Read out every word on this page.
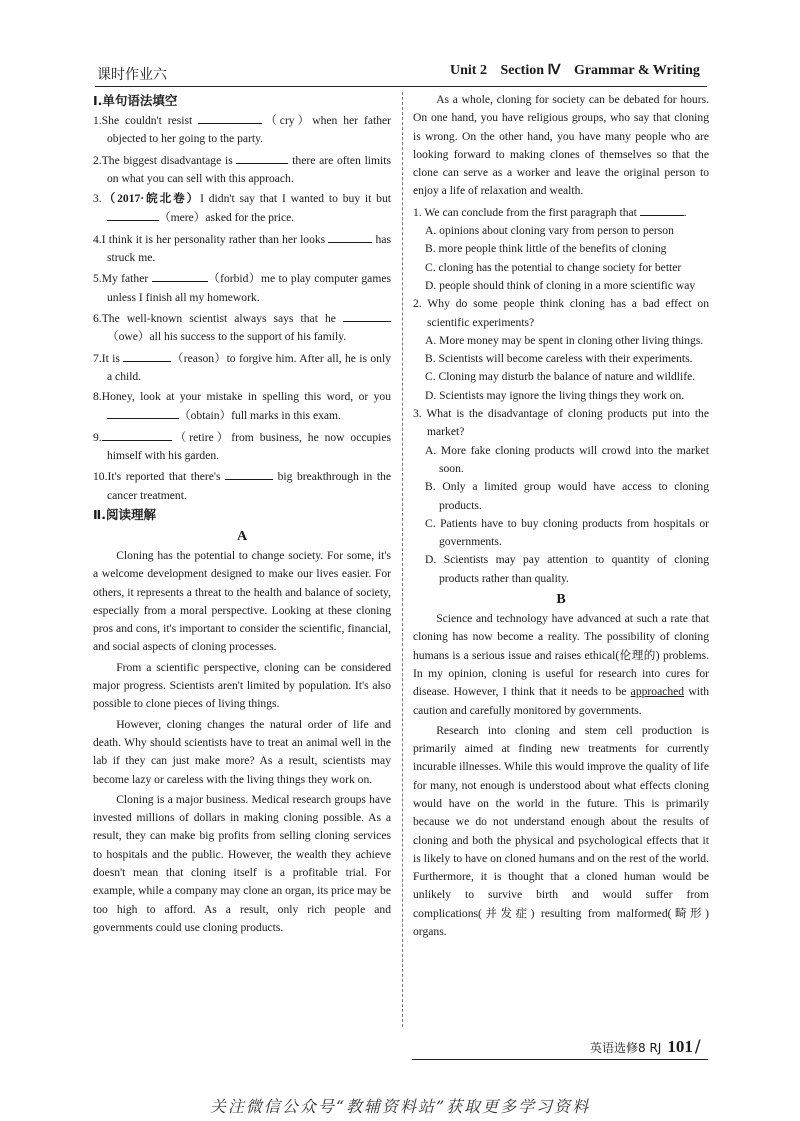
课时作业六	Unit 2 Section Ⅳ Grammar & Writing

Ⅰ.单句语法填空

1.She couldn't resist	（cry）when her father objected to her going to the party.

2.The biggest disadvantage is	there are often limits on what you can sell with this approach.

3.（2017·皖北卷）I didn't say that I wanted to buy it but （mere）asked for the price.

4.I think it is her personality rather than her looks	has struck me.

5.My father	（forbid）me to play computer games unless I finish all my homework.

6.The well-known scientist always says that he （owe）all his success to the support of his family.

7.It is	（reason）to forgive him. After all, he is only a child.

8.Honey, look at your mistake in spelling this word, or you （obtain）full marks in this exam.

9.	（retire）from business, he now occupies himself with his garden.

10.It's reported that there's	big breakthrough in the cancer treatment.

Ⅱ.阅读理解

A

Cloning has the potential to change society. For some, it's a welcome development designed to make our lives easier. For others, it represents a threat to the health and balance of society, especially from a moral perspective. Looking at these cloning pros and cons, it's important to consider the scientific, financial, and social aspects of cloning processes.

From a scientific perspective, cloning can be considered major progress. Scientists aren't limited by population. It's also possible to clone pieces of living things.

However, cloning changes the natural order of life and death. Why should scientists have to treat an animal well in the lab if they can just make more? As a result, scientists may become lazy or careless with the living things they work on.

Cloning is a major business. Medical research groups have invested millions of dollars in making cloning possible. As a result, they can make big profits from selling cloning services to hospitals and the public. However, the wealth they achieve doesn't mean that cloning itself is a profitable trial. For example, while a company may clone an organ, its price may be too high to afford. As a result, only rich people and governments could use cloning products.

As a whole, cloning for society can be debated for hours. On one hand, you have religious groups, who say that cloning is wrong. On the other hand, you have many people who are looking forward to making clones of themselves so that the clone can serve as a worker and leave the original person to enjoy a life of relaxation and wealth.

1. We can conclude from the first paragraph that	.

A. opinions about cloning vary from person to person

B. more people think little of the benefits of cloning

C. cloning has the potential to change society for better

D. people should think of cloning in a more scientific way

2. Why do some people think cloning has a bad effect on scientific experiments?

A. More money may be spent in cloning other living things.

B. Scientists will become careless with their experiments.

C. Cloning may disturb the balance of nature and wildlife.

D. Scientists may ignore the living things they work on.

3. What is the disadvantage of cloning products put into the market?

A. More fake cloning products will crowd into the market soon.

B. Only a limited group would have access to cloning products.

C. Patients have to buy cloning products from hospitals or governments.

D. Scientists may pay attention to quantity of cloning products rather than quality.

B

Science and technology have advanced at such a rate that cloning has now become a reality. The possibility of cloning humans is a serious issue and raises ethical(伦理的) problems. In my opinion, cloning is useful for research into cures for disease. However, I think that it needs to be approached with caution and carefully monitored by governments.

Research into cloning and stem cell production is primarily aimed at finding new treatments for currently incurable illnesses. While this would improve the quality of life for many, not enough is understood about what effects cloning would have on the world in the future. This is primarily because we do not understand enough about the results of cloning and both the physical and psychological effects that it is likely to have on cloned humans and on the rest of the world. Furthermore, it is thought that a cloned human would be unlikely to survive birth and would suffer from complications(并发症) resulting from malformed(畸形) organs.

英语选修8 RJ 101 /
关注微信公众号“教辅资料站”获取更多学习资料
